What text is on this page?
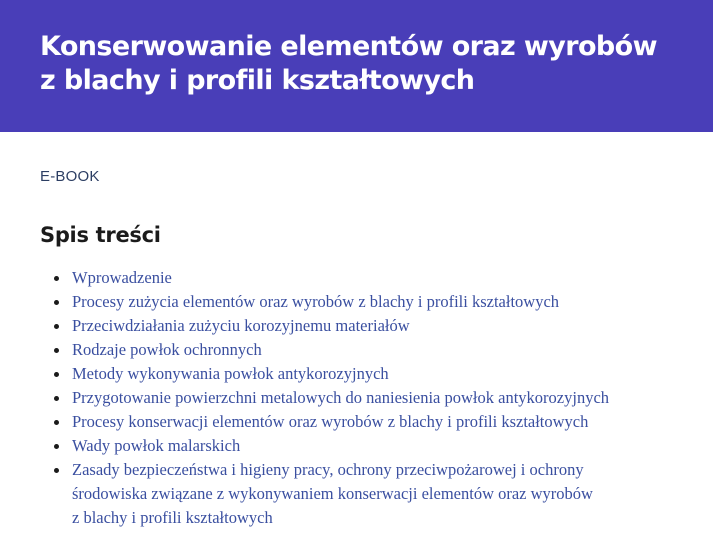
Konserwowanie elementów oraz wyrobów
z blachy i profili kształtowych
E-BOOK
Spis treści
Wprowadzenie
Procesy zużycia elementów oraz wyrobów z blachy i profili kształtowych
Przeciwdziałania zużyciu korozyjnemu materiałów
Rodzaje powłok ochronnych
Metody wykonywania powłok antykorozyjnych
Przygotowanie powierzchni metalowych do naniesienia powłok antykorozyjnych
Procesy konserwacji elementów oraz wyrobów z blachy i profili kształtowych
Wady powłok malarskich
Zasady bezpieczeństwa i higieny pracy, ochrony przeciwpożarowej i ochrony
środowiska związane z wykonywaniem konserwacji elementów oraz wyrobów
z blachy i profili kształtowych
